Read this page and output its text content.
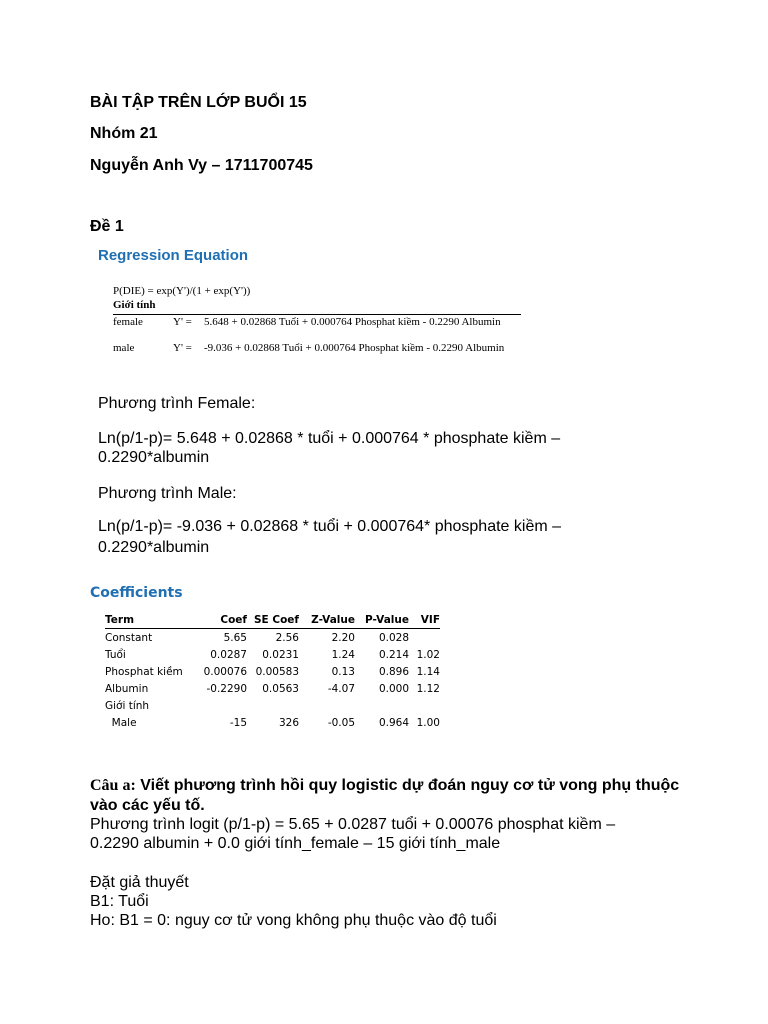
BÀI TẬP TRÊN LỚP BUỔI 15
Nhóm 21
Nguyễn Anh Vy – 1711700745
Đề 1
Regression Equation
P(DIE) = exp(Y')/(1 + exp(Y'))
Giới tính
female	Y' = 5.648 + 0.02868 Tuổi + 0.000764 Phosphat kiềm - 0.2290 Albumin
male	Y' = -9.036 + 0.02868 Tuổi + 0.000764 Phosphat kiềm - 0.2290 Albumin
Phương trình Female:
Ln(p/1-p)= 5.648 + 0.02868 * tuổi + 0.000764 * phosphate kiềm –
0.2290*albumin
Phương trình Male:
Ln(p/1-p)= -9.036 + 0.02868 * tuổi + 0.000764* phosphate kiềm –
0.2290*albumin
Coefficients
Term	Coef	SE Coef	Z-Value	P-Value	VIF
Constant	5.65	2.56	2.20	0.028	
Tuổi	0.0287	0.0231	1.24	0.214	1.02
Phosphat kiềm	0.00076	0.00583	0.13	0.896	1.14
Albumin	-0.2290	0.0563	-4.07	0.000	1.12
Giới tính					
Male	-15	326	-0.05	0.964	1.00
Câu a: Viết phương trình hồi quy logistic dự đoán nguy cơ tử vong phụ thuộc
vào các yếu tố.
Phương trình logit (p/1-p) = 5.65 + 0.0287 tuổi + 0.00076 phosphat kiềm –
0.2290 albumin + 0.0 giới tính_female – 15 giới tính_male
Đặt giả thuyết
B1: Tuổi
Ho: B1 = 0: nguy cơ tử vong không phụ thuộc vào độ tuổi
